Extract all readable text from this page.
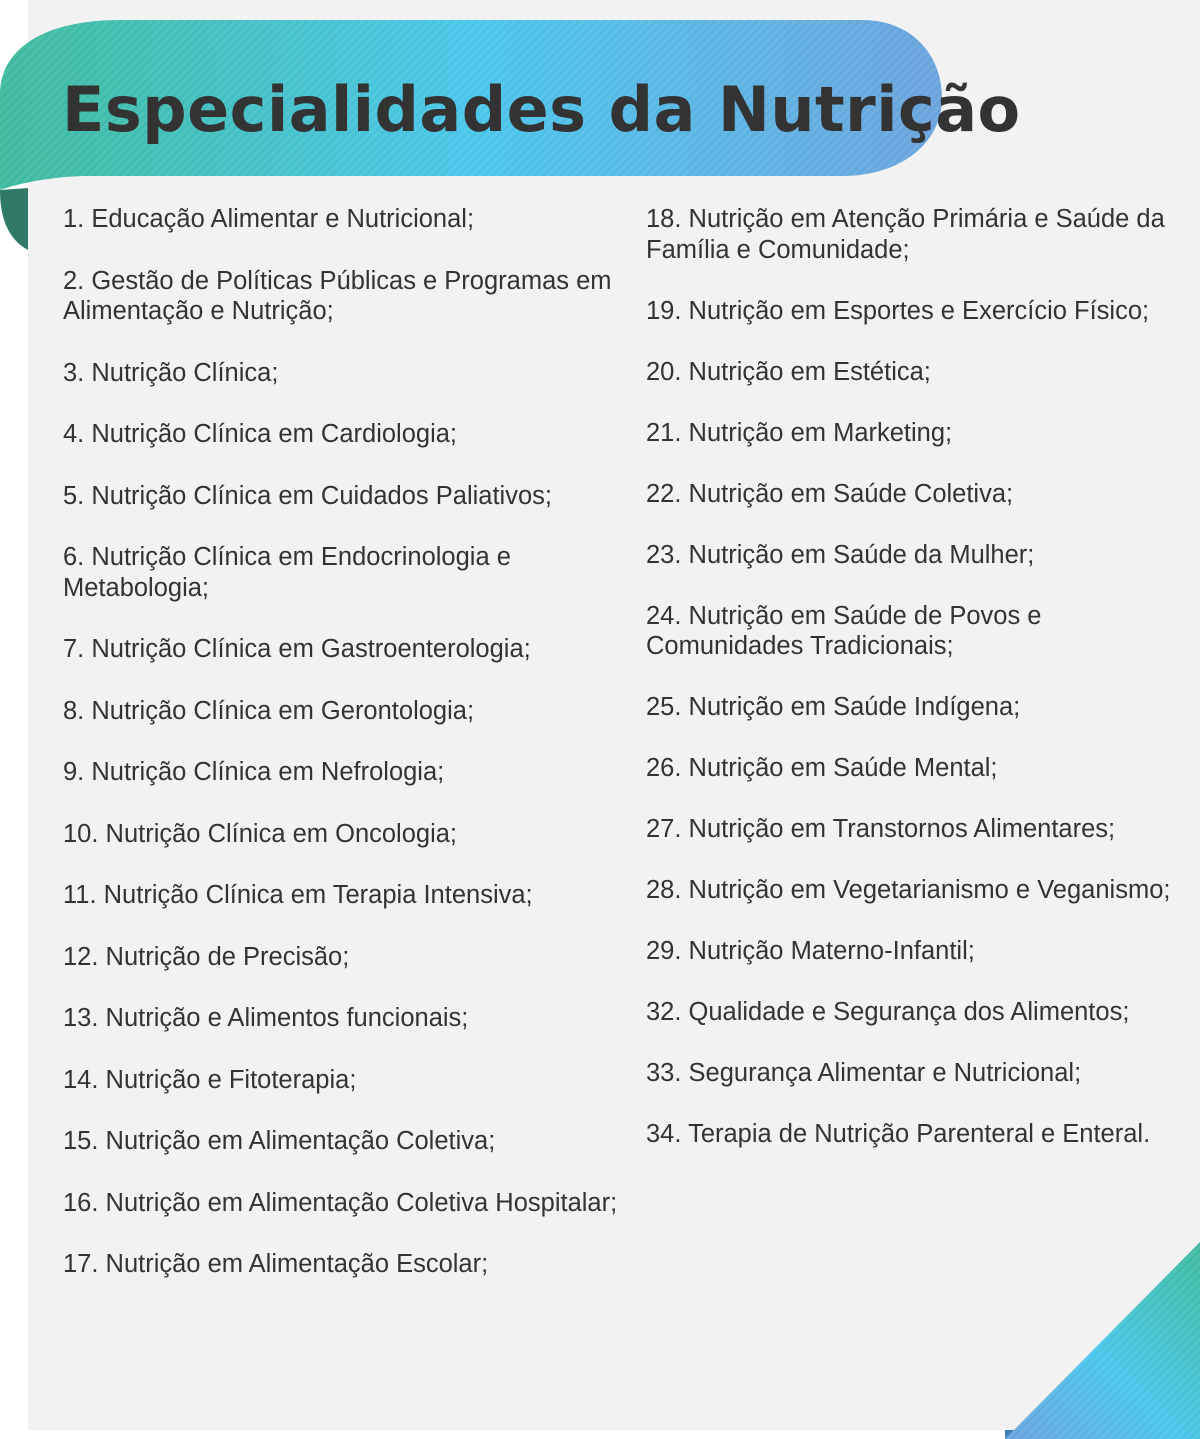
Especialidades da Nutrição
1. Educação Alimentar e Nutricional;
2. Gestão de Políticas Públicas e Programas em Alimentação e Nutrição;
3. Nutrição Clínica;
4. Nutrição Clínica em Cardiologia;
5. Nutrição Clínica em Cuidados Paliativos;
6. Nutrição Clínica em Endocrinologia e Metabologia;
7. Nutrição Clínica em Gastroenterologia;
8. Nutrição Clínica em Gerontologia;
9. Nutrição Clínica em Nefrologia;
10. Nutrição Clínica em Oncologia;
11. Nutrição Clínica em Terapia Intensiva;
12. Nutrição de Precisão;
13. Nutrição e Alimentos funcionais;
14. Nutrição e Fitoterapia;
15. Nutrição em Alimentação Coletiva;
16. Nutrição em Alimentação Coletiva Hospitalar;
17. Nutrição em Alimentação Escolar;
18. Nutrição em Atenção Primária e Saúde da Família e Comunidade;
19. Nutrição em Esportes e Exercício Físico;
20. Nutrição em Estética;
21. Nutrição em Marketing;
22. Nutrição em Saúde Coletiva;
23. Nutrição em Saúde da Mulher;
24. Nutrição em Saúde de Povos e Comunidades Tradicionais;
25. Nutrição em Saúde Indígena;
26. Nutrição em Saúde Mental;
27. Nutrição em Transtornos Alimentares;
28. Nutrição em Vegetarianismo e Veganismo;
29. Nutrição Materno-Infantil;
32. Qualidade e Segurança dos Alimentos;
33. Segurança Alimentar e Nutricional;
34. Terapia de Nutrição Parenteral e Enteral.
